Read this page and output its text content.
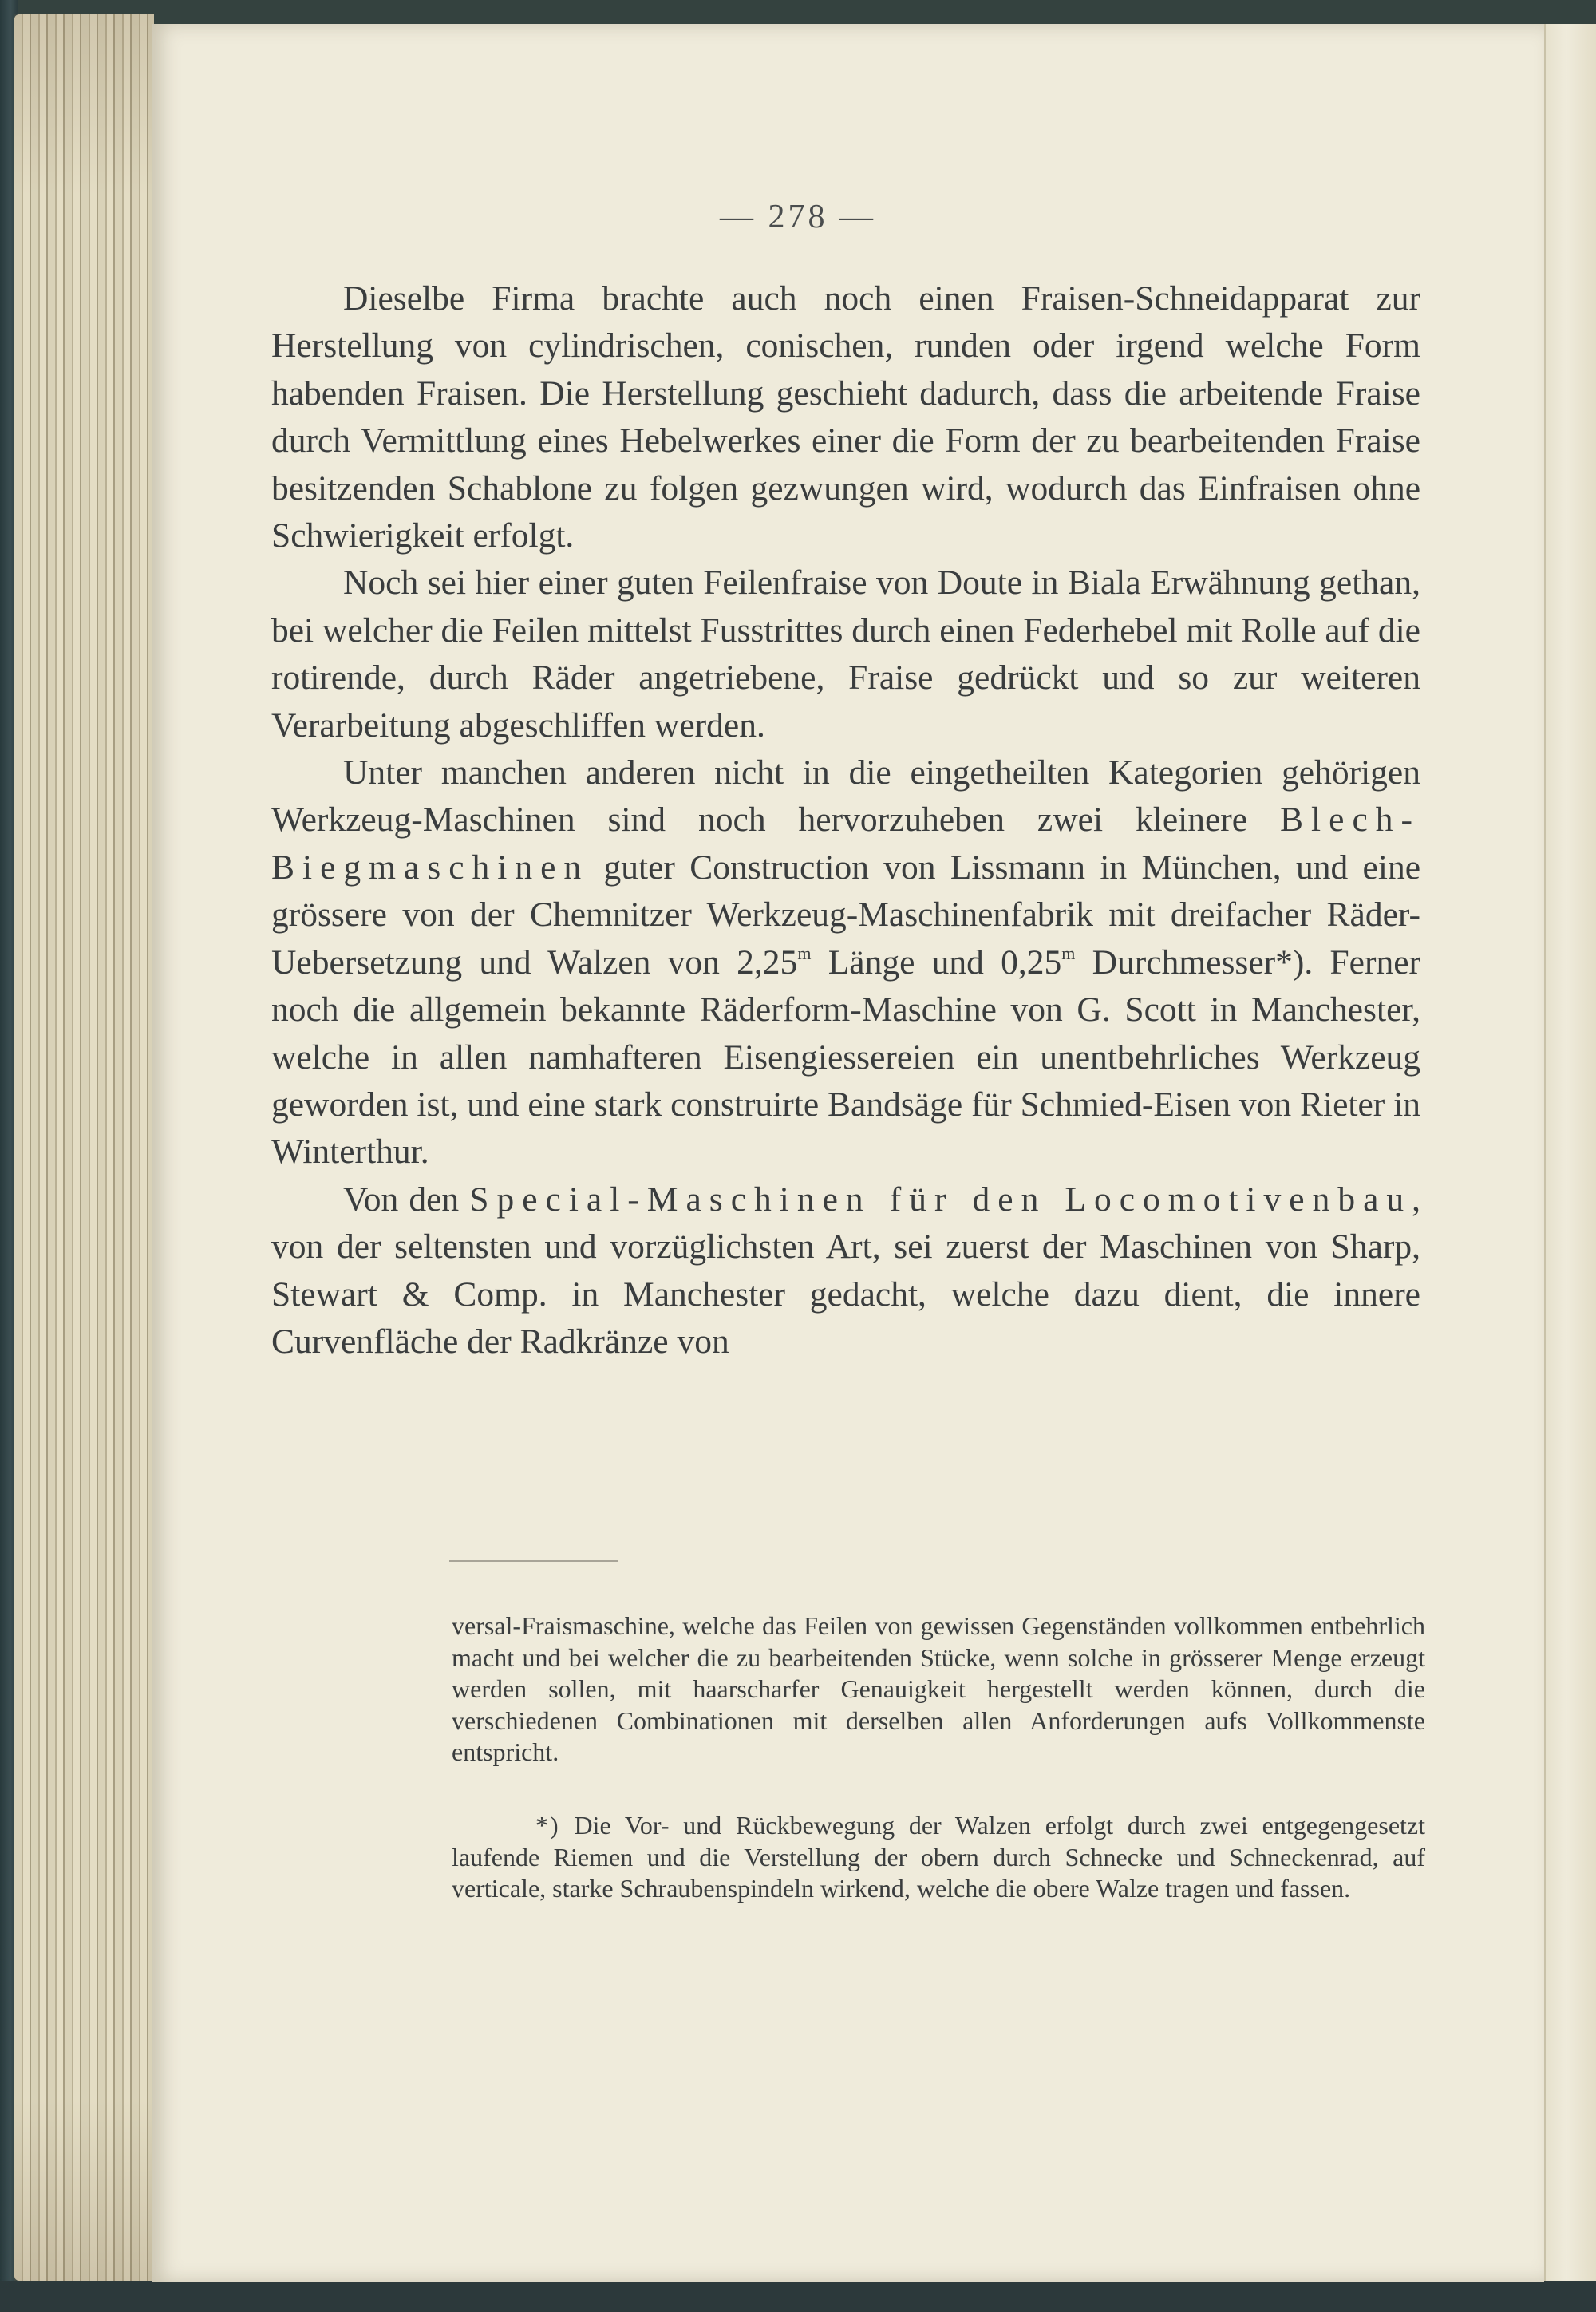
— 278 —

Dieselbe Firma brachte auch noch einen Fraisen-Schneidapparat zur Herstellung von cylindrischen, conischen, runden oder irgend welche Form habenden Fraisen. Die Herstellung geschieht dadurch, dass die arbeitende Fraise durch Vermittlung eines Hebelwerkes einer die Form der zu bearbeitenden Fraise besitzenden Schablone zu folgen gezwungen wird, wodurch das Einfraisen ohne Schwierigkeit erfolgt.

Noch sei hier einer guten Feilenfraise von Doute in Biala Erwähnung gethan, bei welcher die Feilen mittelst Fusstrittes durch einen Federhebel mit Rolle auf die rotirende, durch Räder angetriebene, Fraise gedrückt und so zur weiteren Verarbeitung abgeschliffen werden.

Unter manchen anderen nicht in die eingetheilten Kategorien gehörigen Werkzeug-Maschinen sind noch hervorzuheben zwei kleinere Blech-Biegmaschinen guter Construction von Lissmann in München, und eine grössere von der Chemnitzer Werkzeug-Maschinenfabrik mit dreifacher Räder-Uebersetzung und Walzen von 2,25$^m$ Länge und 0,25$^m$ Durchmesser*). Ferner noch die allgemein bekannte Räderform-Maschine von G. Scott in Manchester, welche in allen namhafteren Eisengiessereien ein unentbehrliches Werkzeug geworden ist, und eine stark construirte Bandsäge für Schmied-Eisen von Rieter in Winterthur.

Von den Special-Maschinen für den Locomotivenbau, von der seltensten und vorzüglichsten Art, sei zuerst der Maschinen von Sharp, Stewart & Comp. in Manchester gedacht, welche dazu dient, die innere Curvenfläche der Radkränze von

versal-Fraismaschine, welche das Feilen von gewissen Gegenständen vollkommen entbehrlich macht und bei welcher die zu bearbeitenden Stücke, wenn solche in grösserer Menge erzeugt werden sollen, mit haarscharfer Genauigkeit hergestellt werden können, durch die verschiedenen Combinationen mit derselben allen Anforderungen aufs Vollkommenste entspricht.

*) Die Vor- und Rückbewegung der Walzen erfolgt durch zwei entgegengesetzt laufende Riemen und die Verstellung der obern durch Schnecke und Schneckenrad, auf verticale, starke Schraubenspindeln wirkend, welche die obere Walze tragen und fassen.
